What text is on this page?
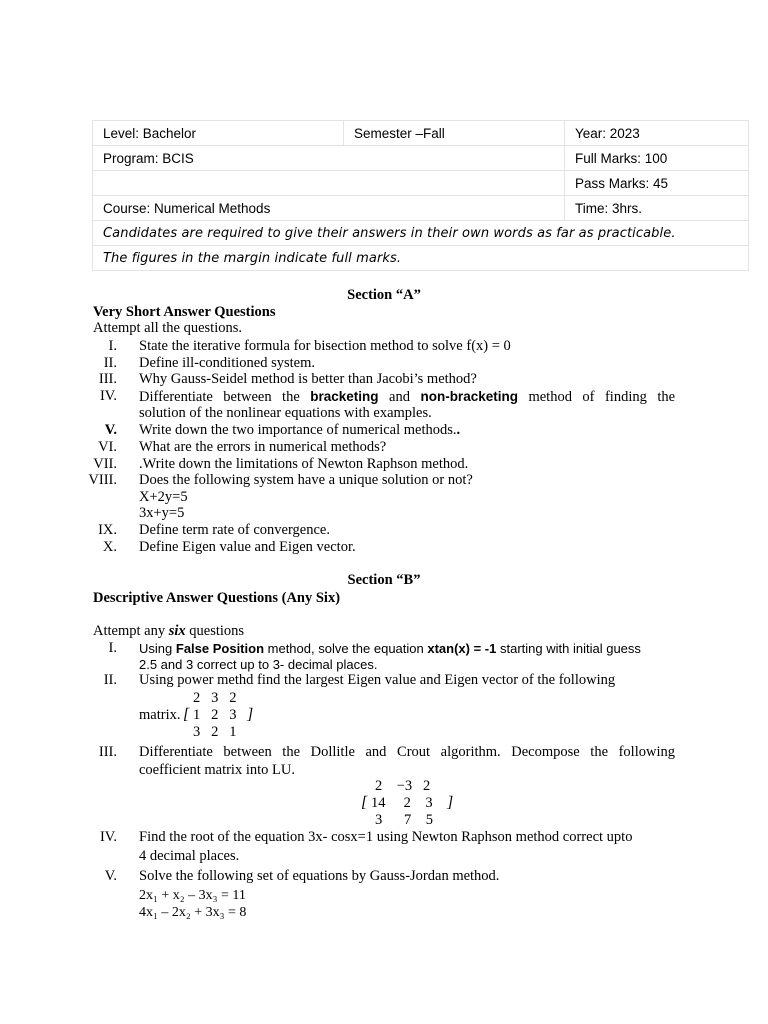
Level: Bachelor	Semester –Fall	Year: 2023
Program: BCIS		Full Marks: 100
		Pass Marks: 45
Course: Numerical Methods		Time: 3hrs.
Candidates are required to give their answers in their own words as far as practicable.		
The figures in the margin indicate full marks.		
Section “A”
Very Short Answer Questions
Attempt all the questions.
I. State the iterative formula for bisection method to solve f(x) = 0
II. Define ill-conditioned system.
III. Why Gauss-Seidel method is better than Jacobi’s method?
IV. Differentiate between the bracketing and non-bracketing method of finding the
solution of the nonlinear equations with examples.
V. Write down the two importance of numerical methods..
VI. What are the errors in numerical methods?
VII. .Write down the limitations of Newton Raphson method.
VIII. Does the following system have a unique solution or not?
X+2y=5
3x+y=5
IX. Define term rate of convergence.
X. Define Eigen value and Eigen vector.
Section “B”
Descriptive Answer Questions (Any Six)
Attempt any six questions
I. Using False Position method, solve the equation xtan(x) = -1 starting with initial guess
2.5 and 3 correct up to 3- decimal places.
II. Using power methd find the largest Eigen value and Eigen vector of the following
2   3   2
matrix. [ 1   2   3 ]
3   2   1
III. Differentiate between the Dollitle and Crout algorithm. Decompose the following
coefficient matrix into LU.
2    −3   2
[ 14     2    3 ]
3      7    5
IV. Find the root of the equation 3x- cosx=1 using Newton Raphson method correct upto
4 decimal places.
V. Solve the following set of equations by Gauss-Jordan method.
2x₁ + x₂ – 3x₃ = 11
4x₁ – 2x₂ + 3x₃ = 8
